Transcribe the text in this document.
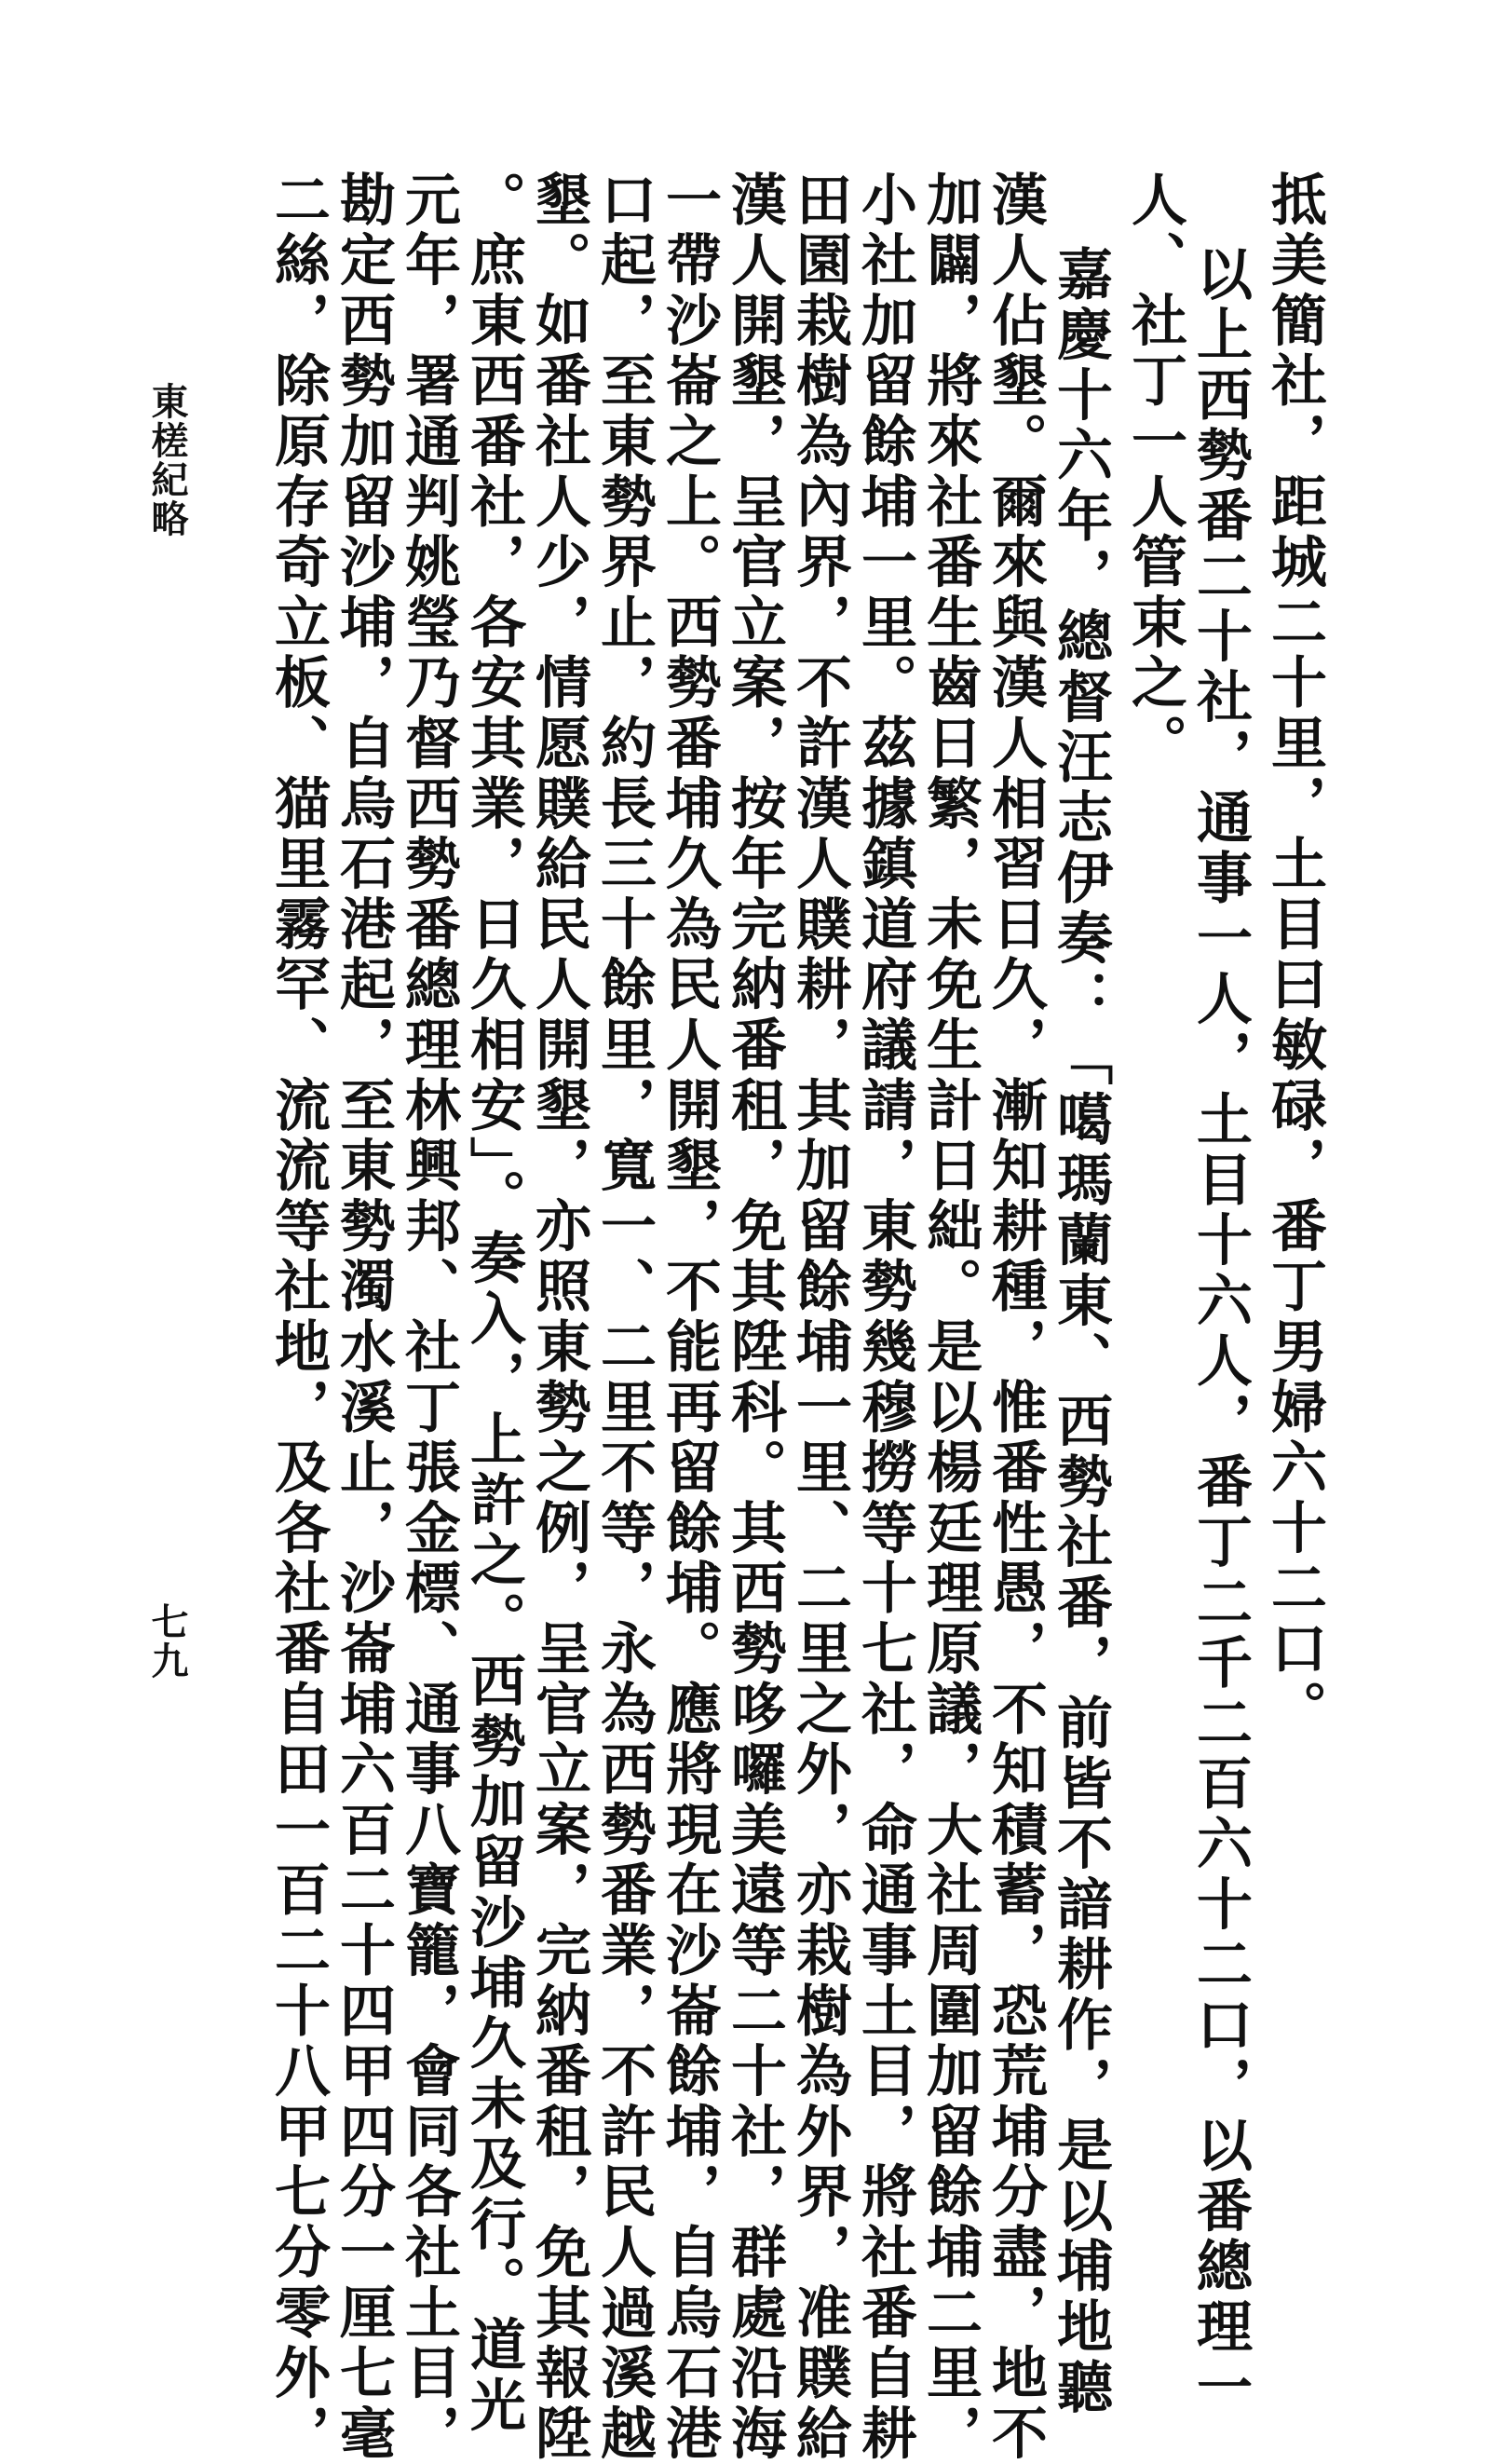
抵美簡社，距城二十里，土目曰敏碌，番丁男婦六十二口。
以上西勢番二十社，通事一人，土目十六人，番丁二千二百六十二口，以番總理一
人、社丁一人管束之。
嘉慶十六年，總督汪志伊奏：「噶瑪蘭東、西勢社番，前皆不諳耕作，是以埔地聽
漢人佔墾。爾來與漢人相習日久，漸知耕種，惟番性愚，不知積蓄，恐荒埔分盡，地不
加闢，將來社番生齒日繁，未免生計日絀。是以楊廷理原議，大社周圍加留餘埔二里，
小社加留餘埔一里。茲據鎮道府議請，東勢幾穆撈等十七社，命通事土目，將社番自耕
田園栽樹為內界，不許漢人贌耕，其加留餘埔一里、二里之外，亦栽樹為外界，准贌給
漢人開墾，呈官立案，按年完納番租，免其陞科。其西勢哆囉美遠等二十社，群處沿海
一帶沙崙之上。西勢番埔久為民人開墾，不能再留餘埔。應將現在沙崙餘埔，自烏石港
口起，至東勢界止，約長三十餘里，寬一、二里不等，永為西勢番業，不許民人過溪越
墾。如番社人少，情愿贌給民人開墾，亦照東勢之例，呈官立案，完納番租，免其報陞
。庶東西番社，各安其業，日久相安」。奏入，上許之。西勢加留沙埔久未及行。道光
元年，署通判姚瑩乃督西勢番總理林興邦、社丁張金標、通事八寶籠，會同各社土目，
勘定西勢加留沙埔，自烏石港起，至東勢濁水溪止，沙崙埔六百二十四甲四分一厘七毫
二絲，除原存奇立板、猫里霧罕、流流等社地，及各社番自田一百二十八甲七分零外，
東槎紀略
七九
